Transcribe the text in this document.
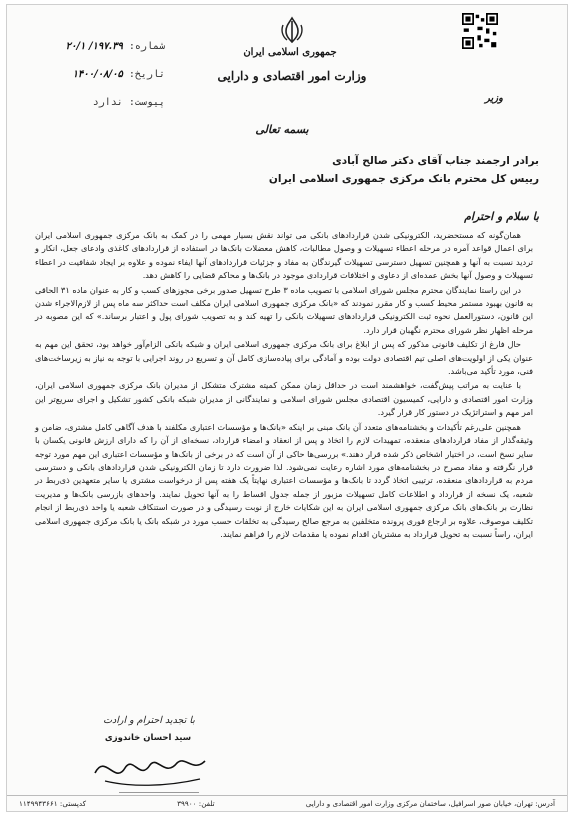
جمهوری اسلامی ایران
وزارت امور اقتصادی و دارایی
وزیر
شماره: ۱۹۷.۳۹/ ۲۰/۱
تاریخ: ۱۴۰۰/۰۸/۰۵
پیوست: ندارد
بسمه تعالی
برادر ارجمند جناب آقای دکتر صالح آبادی
رییس کل محترم بانک مرکزی جمهوری اسلامی ایران
با سلام و احترام

همان‌گونه که مستحضرید، الکترونیکی شدن قراردادهای بانکی می تواند نقش بسیار مهمی را در کمک به بانک مرکزی جمهوری اسلامی ایران برای اعمال قواعد آمره در مرحله اعطاء تسهیلات و وصول مطالبات، کاهش معضلات بانک‌ها در استفاده از قراردادهای کاغذی وادعای جعل، انکار و تردید نسبت به آنها و همچنین تسهیل دسترسی تسهیلات گیرندگان به مفاد و جزئیات قراردادهای آنها ایفاء نموده و علاوه بر ایجاد شفافیت در اعطاء تسهیلات و وصول آنها بخش عمده‌ای از دعاوی و اختلافات قراردادی موجود در بانک‌ها و محاکم قضایی را کاهش دهد.

در این راستا نمایندگان محترم مجلس شورای اسلامی با تصویب ماده ۳ طرح تسهیل صدور برخی مجوزهای کسب و کار به عنوان ماده ۳۱ الحاقی به قانون بهبود مستمر محیط کسب و کار مقرر نمودند که «بانک مرکزی جمهوری اسلامی ایران مکلف است حداکثر سه ماه پس از لازم‌الاجراء شدن این قانون، دستورالعمل نحوه ثبت الکترونیکی قراردادهای تسهیلات بانکی را تهیه کند و به تصویب شورای پول و اعتبار برساند.» که این مصوبه در مرحله اظهار نظر شورای محترم نگهبان قرار دارد.

حال فارغ از تکلیف قانونی مذکور که پس از ابلاغ برای بانک مرکزی جمهوری اسلامی ایران و شبکه بانکی الزام‌آور خواهد بود، تحقق این مهم به عنوان یکی از اولویت‌های اصلی تیم اقتصادی دولت بوده و آمادگی برای پیاده‌سازی کامل آن و تسریع در روند اجرایی با توجه به نیاز به زیرساخت‌های فنی، مورد تأکید می‌باشد.

با عنایت به مراتب پیش‌گفت، خواهشمند است در حداقل زمان ممکن کمیته مشترک متشکل از مدیران بانک مرکزی جمهوری اسلامی ایران، وزارت امور اقتصادی و دارایی، کمیسیون اقتصادی مجلس شورای اسلامی و نمایندگانی از مدیران شبکه بانکی کشور تشکیل و اجرای سریع‌تر این امر مهم و استراتژیک در دستور کار قرار گیرد.

همچنین علی‌رغم تأکیدات و بخشنامه‌های متعدد آن بانک مبنی بر اینکه «بانک‌ها و مؤسسات اعتباری مکلفند با هدف آگاهی کامل مشتری، ضامن و وثیقه‌گذار از مفاد قراردادهای منعقده، تمهیدات لازم را اتخاذ و پس از انعقاد و امضاء قرارداد، نسخه‌ای از آن را که دارای ارزش قانونی یکسان با سایر نسخ است، در اختیار اشخاص ذکر شده قرار دهند.» بررسی‌ها حاکی از آن است که در برخی از بانک‌ها و مؤسسات اعتباری این مهم مورد توجه قرار نگرفته و مفاد مصرح در بخشنامه‌های مورد اشاره رعایت نمی‌شود. لذا ضرورت دارد تا زمان الکترونیکی شدن قراردادهای بانکی و دسترسی مردم به قراردادهای منعقده، ترتیبی اتخاذ گردد تا بانک‌ها و مؤسسات اعتباری نهایتاً یک هفته پس از درخواست مشتری یا سایر متعهدین ذی‌ربط در شعبه، یک نسخه از قرارداد و اطلاعات کامل تسهیلات مزبور از جمله جدول اقساط را به آنها تحویل نمایند. واحدهای بازرسی بانک‌ها و مدیریت نظارت بر بانک‌های بانک مرکزی جمهوری اسلامی ایران به این شکایات خارج از نوبت رسیدگی و در صورت استنکاف شعبه یا واحد ذی‌ربط از انجام تکلیف موصوف، علاوه بر ارجاع فوری پرونده متخلفین به مرجع صالح رسیدگی به تخلفات حسب مورد در شبکه بانک یا بانک مرکزی جمهوری اسلامی ایران، راساً نسبت به تحویل قرارداد به مشتریان اقدام نموده یا مقدمات لازم را فراهم نمایند.

با تجدید احترام و ارادت
سید احسان خاندوزی
آدرس: تهران، خیابان صور اسرافیل، ساختمان مرکزی وزارت امور اقتصادی و دارایی
تلفن: ۳۹۹۰۰
کدپستی: ۱۱۴۹۹۴۳۶۶۱
